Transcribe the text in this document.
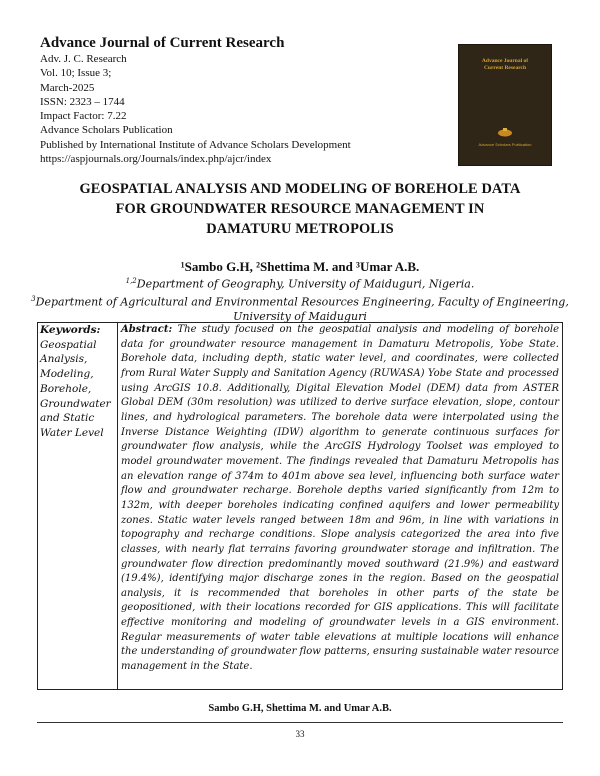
Advance Journal of Current Research
Adv. J. C. Research
Vol. 10; Issue 3;
March-2025
ISSN: 2323 – 1744
Impact Factor: 7.22
Advance Scholars Publication
Published by International Institute of Advance Scholars Development
https://aspjournals.org/Journals/index.php/ajcr/index
Advance Journal of
Current Research
Advance Scholars Publication
GEOSPATIAL ANALYSIS AND MODELING OF BOREHOLE DATA
FOR GROUNDWATER RESOURCE MANAGEMENT IN
DAMATURU METROPOLIS
¹Sambo G.H, ²Shettima M. and ³Umar A.B.
$^{1,2}$Department of Geography, University of Maiduguri, Nigeria.
$^3$Department of Agricultural and Environmental Resources Engineering, Faculty of Engineering, University of Maiduguri
Keywords:
Geospatial Analysis, Modeling, Borehole, Groundwater and Static Water Level
Abstract: The study focused on the geospatial analysis and modeling of borehole data for groundwater resource management in Damaturu Metropolis, Yobe State. Borehole data, including depth, static water level, and coordinates, were collected from Rural Water Supply and Sanitation Agency (RUWASA) Yobe State and processed using ArcGIS 10.8. Additionally, Digital Elevation Model (DEM) data from ASTER Global DEM (30m resolution) was utilized to derive surface elevation, slope, contour lines, and hydrological parameters. The borehole data were interpolated using the Inverse Distance Weighting (IDW) algorithm to generate continuous surfaces for groundwater flow analysis, while the ArcGIS Hydrology Toolset was employed to model groundwater movement. The findings revealed that Damaturu Metropolis has an elevation range of 374m to 401m above sea level, influencing both surface water flow and groundwater recharge. Borehole depths varied significantly from 12m to 132m, with deeper boreholes indicating confined aquifers and lower permeability zones. Static water levels ranged between 18m and 96m, in line with variations in topography and recharge conditions. Slope analysis categorized the area into five classes, with nearly flat terrains favoring groundwater storage and infiltration. The groundwater flow direction predominantly moved southward (21.9%) and eastward (19.4%), identifying major discharge zones in the region. Based on the geospatial analysis, it is recommended that boreholes in other parts of the state be geopositioned, with their locations recorded for GIS applications. This will facilitate effective monitoring and modeling of groundwater levels in a GIS environment. Regular measurements of water table elevations at multiple locations will enhance the understanding of groundwater flow patterns, ensuring sustainable water resource management in the State.
Sambo G.H, Shettima M. and Umar A.B.
33
